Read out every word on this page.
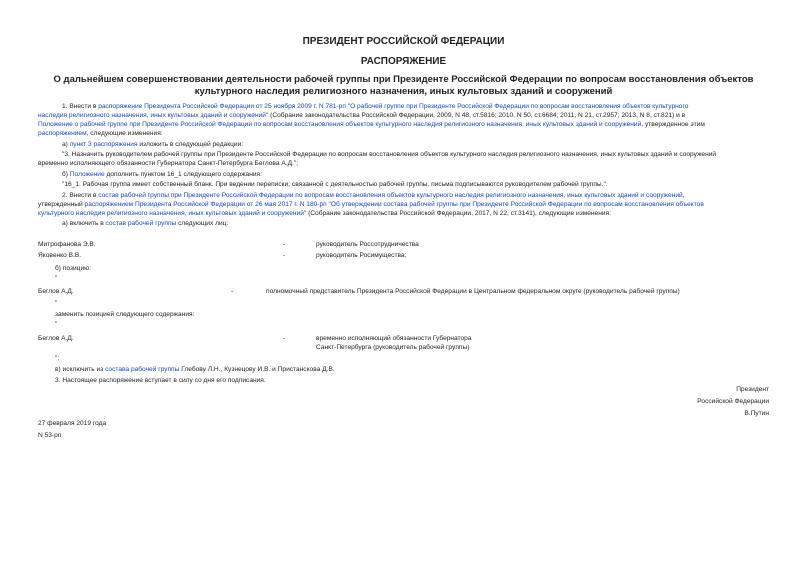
ПРЕЗИДЕНТ РОССИЙСКОЙ ФЕДЕРАЦИИ
РАСПОРЯЖЕНИЕ
О дальнейшем совершенствовании деятельности рабочей группы при Президенте Российской Федерации по вопросам восстановления объектов культурного наследия религиозного назначения, иных культовых зданий и сооружений
1. Внести в распоряжение Президента Российской Федерации от 25 ноября 2009 г. N 781-рп "О рабочей группе при Президенте Российской Федерации по вопросам восстановления объектов культурного
наследия религиозного назначения, иных культовых зданий и сооружений" (Собрание законодательства Российской Федерации, 2009, N 48, ст.5816; 2010, N 50, ст.6684; 2011, N 21, ст.2957; 2013, N 8, ст.821) и в
Положение о рабочей группе при Президенте Российской Федерации по вопросам восстановления объектов культурного наследия религиозного назначения, иных культовых зданий и сооружений, утвержденное этим
распоряжением, следующие изменения:
а) пункт 3 распоряжения изложить в следующей редакции:
"3. Назначить руководителем рабочей группы при Президенте Российской Федерации по вопросам восстановления объектов культурного наследия религиозного назначения, иных культовых зданий и сооружений
временно исполняющего обязанности Губернатора Санкт-Петербурга Беглова А.Д.";
б) Положение дополнить пунктом 16_1 следующего содержания:
"16_1. Рабочая группа имеет собственный бланк. При ведении переписки, связанной с деятельностью рабочей группы, письма подписываются руководителем рабочей группы.".
2. Внести в состав рабочей группы при Президенте Российской Федерации по вопросам восстановления объектов культурного наследия религиозного назначения, иных культовых зданий и сооружений,
утвержденный распоряжением Президента Российской Федерации от 26 мая 2017 г. N 180-рп "Об утверждении состава рабочей группы при Президенте Российской Федерации по вопросам восстановления объектов
культурного наследия религиозного назначения, иных культовых зданий и сооружений" (Собрание законодательства Российской Федерации, 2017, N 22, ст.3141), следующие изменения:
а) включить в состав рабочей группы следующих лиц:
Митрофанова Э.В.	-	руководитель Россотрудничества
Яковенко В.В.	-	руководитель Росимущества;
б) позицию:
"
Беглов А.Д.	-	полномочный представитель Президента Российской Федерации в Центральном федеральном округе (руководитель рабочей группы)
"
заменить позицией следующего содержания:
"
Беглов А.Д.	-	временно исполняющий обязанности Губернатора
Санкт-Петербурга (руководитель рабочей группы)
";
в) исключить из состава рабочей группы Глебову Л.Н., Кузнецову И.В. и Пристанскова Д.В.
3. Настоящее распоряжение вступает в силу со дня его подписания.
Президент
Российской Федерации
В.Путин
27 февраля 2019 года
N 53-рп
